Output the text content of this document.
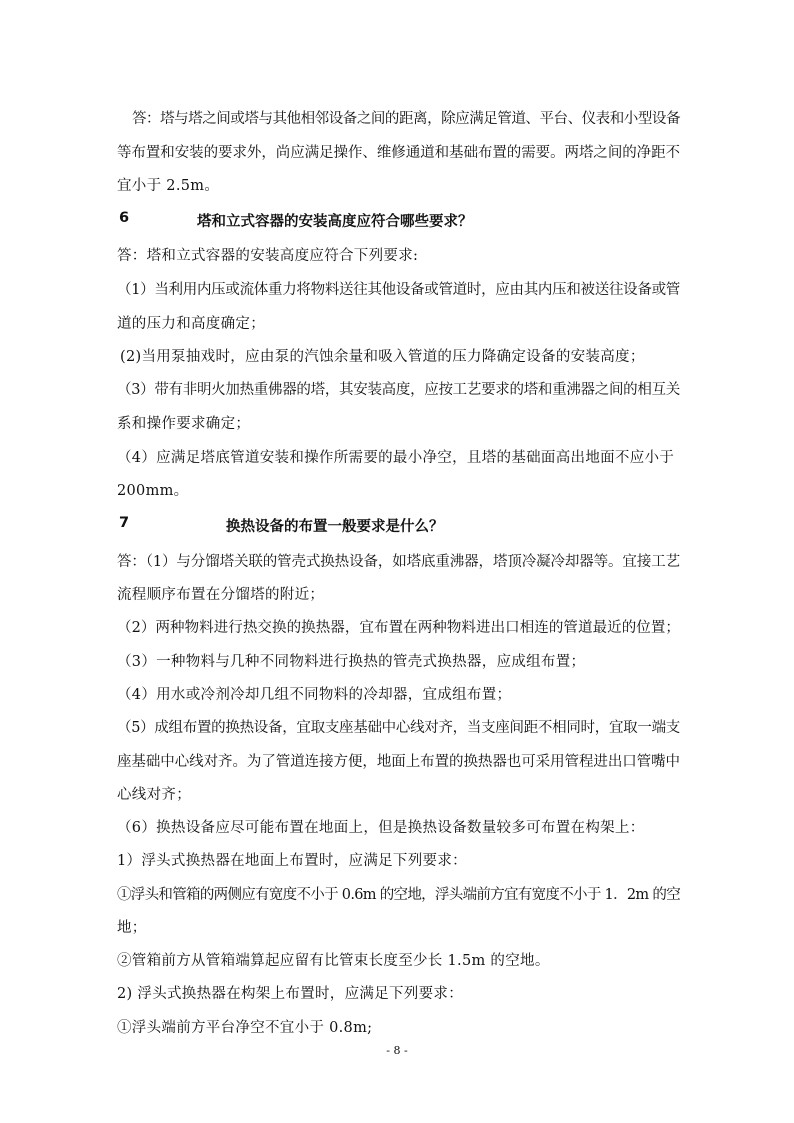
答：塔与塔之间或塔与其他相邻设备之间的距离，除应满足管道、平台、仪表和小型设备
等布置和安装的要求外，尚应满足操作、维修通道和基础布置的需要。两塔之间的净距不
宜小于 2.5m。
6	塔和立式容器的安装高度应符合哪些要求？
答：塔和立式容器的安装高度应符合下列要求:
（1）当利用内压或流体重力将物料送往其他设备或管道时，应由其内压和被送往设备或管
道的压力和高度确定；
(2)当用泵抽戏时，应由泵的汽蚀余量和吸入管道的压力降确定设备的安装高度；
（3）带有非明火加热重佛器的塔，其安装高度，应按工艺要求的塔和重沸器之间的相互关
系和操作要求确定；
（4）应满足塔底管道安装和操作所需要的最小净空，且塔的基础面高出地面不应小于
200mm。
7	换热设备的布置一般要求是什么？
答：（1）与分馏塔关联的管壳式换热设备，如塔底重沸器，塔顶冷凝冷却器等。宜接工艺
流程顺序布置在分馏塔的附近；
（2）两种物料进行热交换的换热器，宜布置在两种物料进出口相连的管道最近的位置；
（3）一种物料与几种不同物料进行换热的管壳式换热器，应成组布置；
（4）用水或冷剂冷却几组不同物料的冷却器，宜成组布置；
（5）成组布置的换热设备，宜取支座基础中心线对齐，当支座间距不相同时，宜取一端支
座基础中心线对齐。为了管道连接方便，地面上布置的换热器也可采用管程进出口管嘴中
心线对齐；
（6）换热设备应尽可能布置在地面上，但是换热设备数量较多可布置在构架上：
1）浮头式换热器在地面上布置时，应满足下列要求：
①浮头和管箱的两侧应有宽度不小于 0.6m 的空地，浮头端前方宜有宽度不小于 1．2m 的空
地；
②管箱前方从管箱端算起应留有比管束长度至少长 1.5m 的空地。
2) 浮头式换热器在构架上布置时，应满足下列要求：
①浮头端前方平台净空不宜小于 0.8m;
- 8 -
